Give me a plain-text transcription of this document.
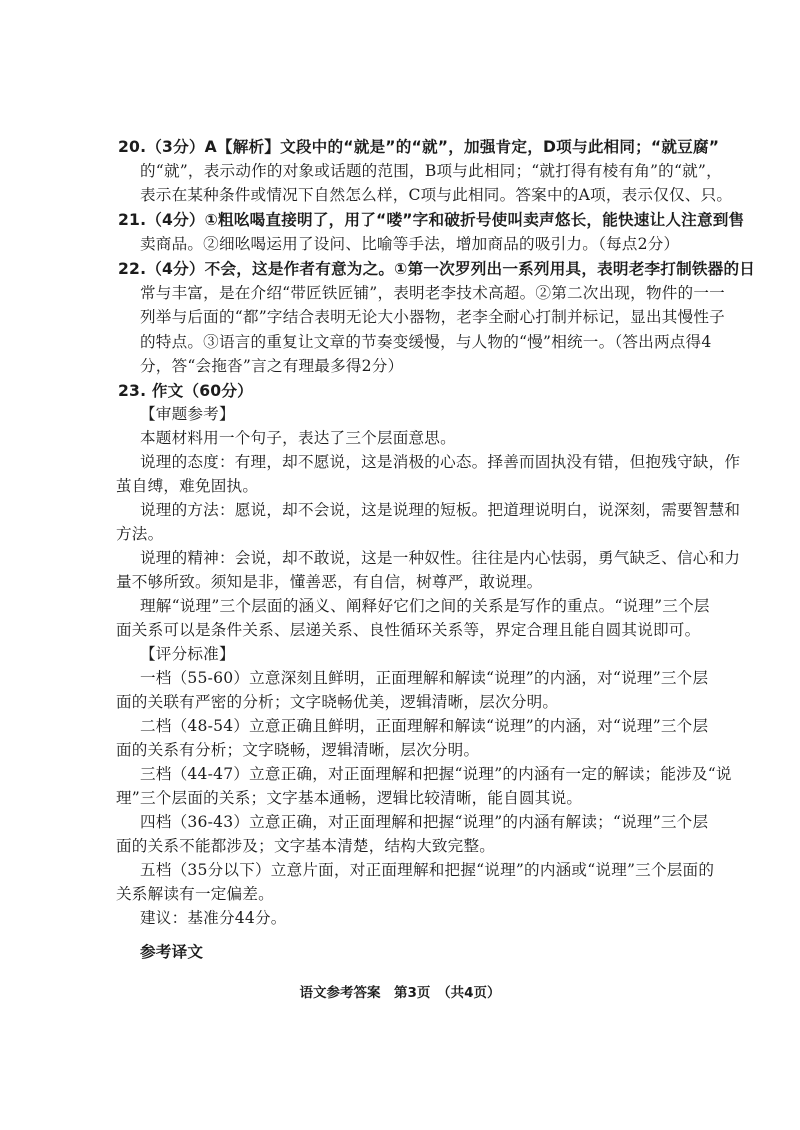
20.（3分）A【解析】文段中的“就是”的“就”，加强肯定，D项与此相同；“就豆腐”
的“就”，表示动作的对象或话题的范围，B项与此相同；“就打得有棱有角”的“就”，
表示在某种条件或情况下自然怎么样，C项与此相同。答案中的A项，表示仅仅、只。
21.（4分）①粗吆喝直接明了，用了“喽”字和破折号使叫卖声悠长，能快速让人注意到售
卖商品。②细吆喝运用了设问、比喻等手法，增加商品的吸引力。（每点2分）
22.（4分）不会，这是作者有意为之。①第一次罗列出一系列用具，表明老李打制铁器的日
常与丰富，是在介绍“带匠铁匠铺”，表明老李技术高超。②第二次出现，物件的一一
列举与后面的“都”字结合表明无论大小器物，老李全耐心打制并标记，显出其慢性子
的特点。③语言的重复让文章的节奏变缓慢，与人物的“慢”相统一。（答出两点得4
分，答“会拖沓”言之有理最多得2分）
23. 作文（60分）
【审题参考】
本题材料用一个句子，表达了三个层面意思。
说理的态度：有理，却不愿说，这是消极的心态。择善而固执没有错，但抱残守缺，作
茧自缚，难免固执。
说理的方法：愿说，却不会说，这是说理的短板。把道理说明白，说深刻，需要智慧和
方法。
说理的精神：会说，却不敢说，这是一种奴性。往往是内心怯弱，勇气缺乏、信心和力
量不够所致。须知是非，懂善恶，有自信，树尊严，敢说理。
理解“说理”三个层面的涵义、阐释好它们之间的关系是写作的重点。“说理”三个层
面关系可以是条件关系、层递关系、良性循环关系等，界定合理且能自圆其说即可。
【评分标准】
一档（55-60）立意深刻且鲜明，正面理解和解读“说理”的内涵，对“说理”三个层
面的关联有严密的分析；文字晓畅优美，逻辑清晰，层次分明。
二档（48-54）立意正确且鲜明，正面理解和解读“说理”的内涵，对“说理”三个层
面的关系有分析；文字晓畅，逻辑清晰，层次分明。
三档（44-47）立意正确，对正面理解和把握“说理”的内涵有一定的解读；能涉及“说
理”三个层面的关系；文字基本通畅，逻辑比较清晰，能自圆其说。
四档（36-43）立意正确，对正面理解和把握“说理”的内涵有解读；“说理”三个层
面的关系不能都涉及；文字基本清楚，结构大致完整。
五档（35分以下）立意片面，对正面理解和把握“说理”的内涵或“说理”三个层面的
关系解读有一定偏差。
建议：基准分44分。
参考译文
语文参考答案　第3页　（共4页）
